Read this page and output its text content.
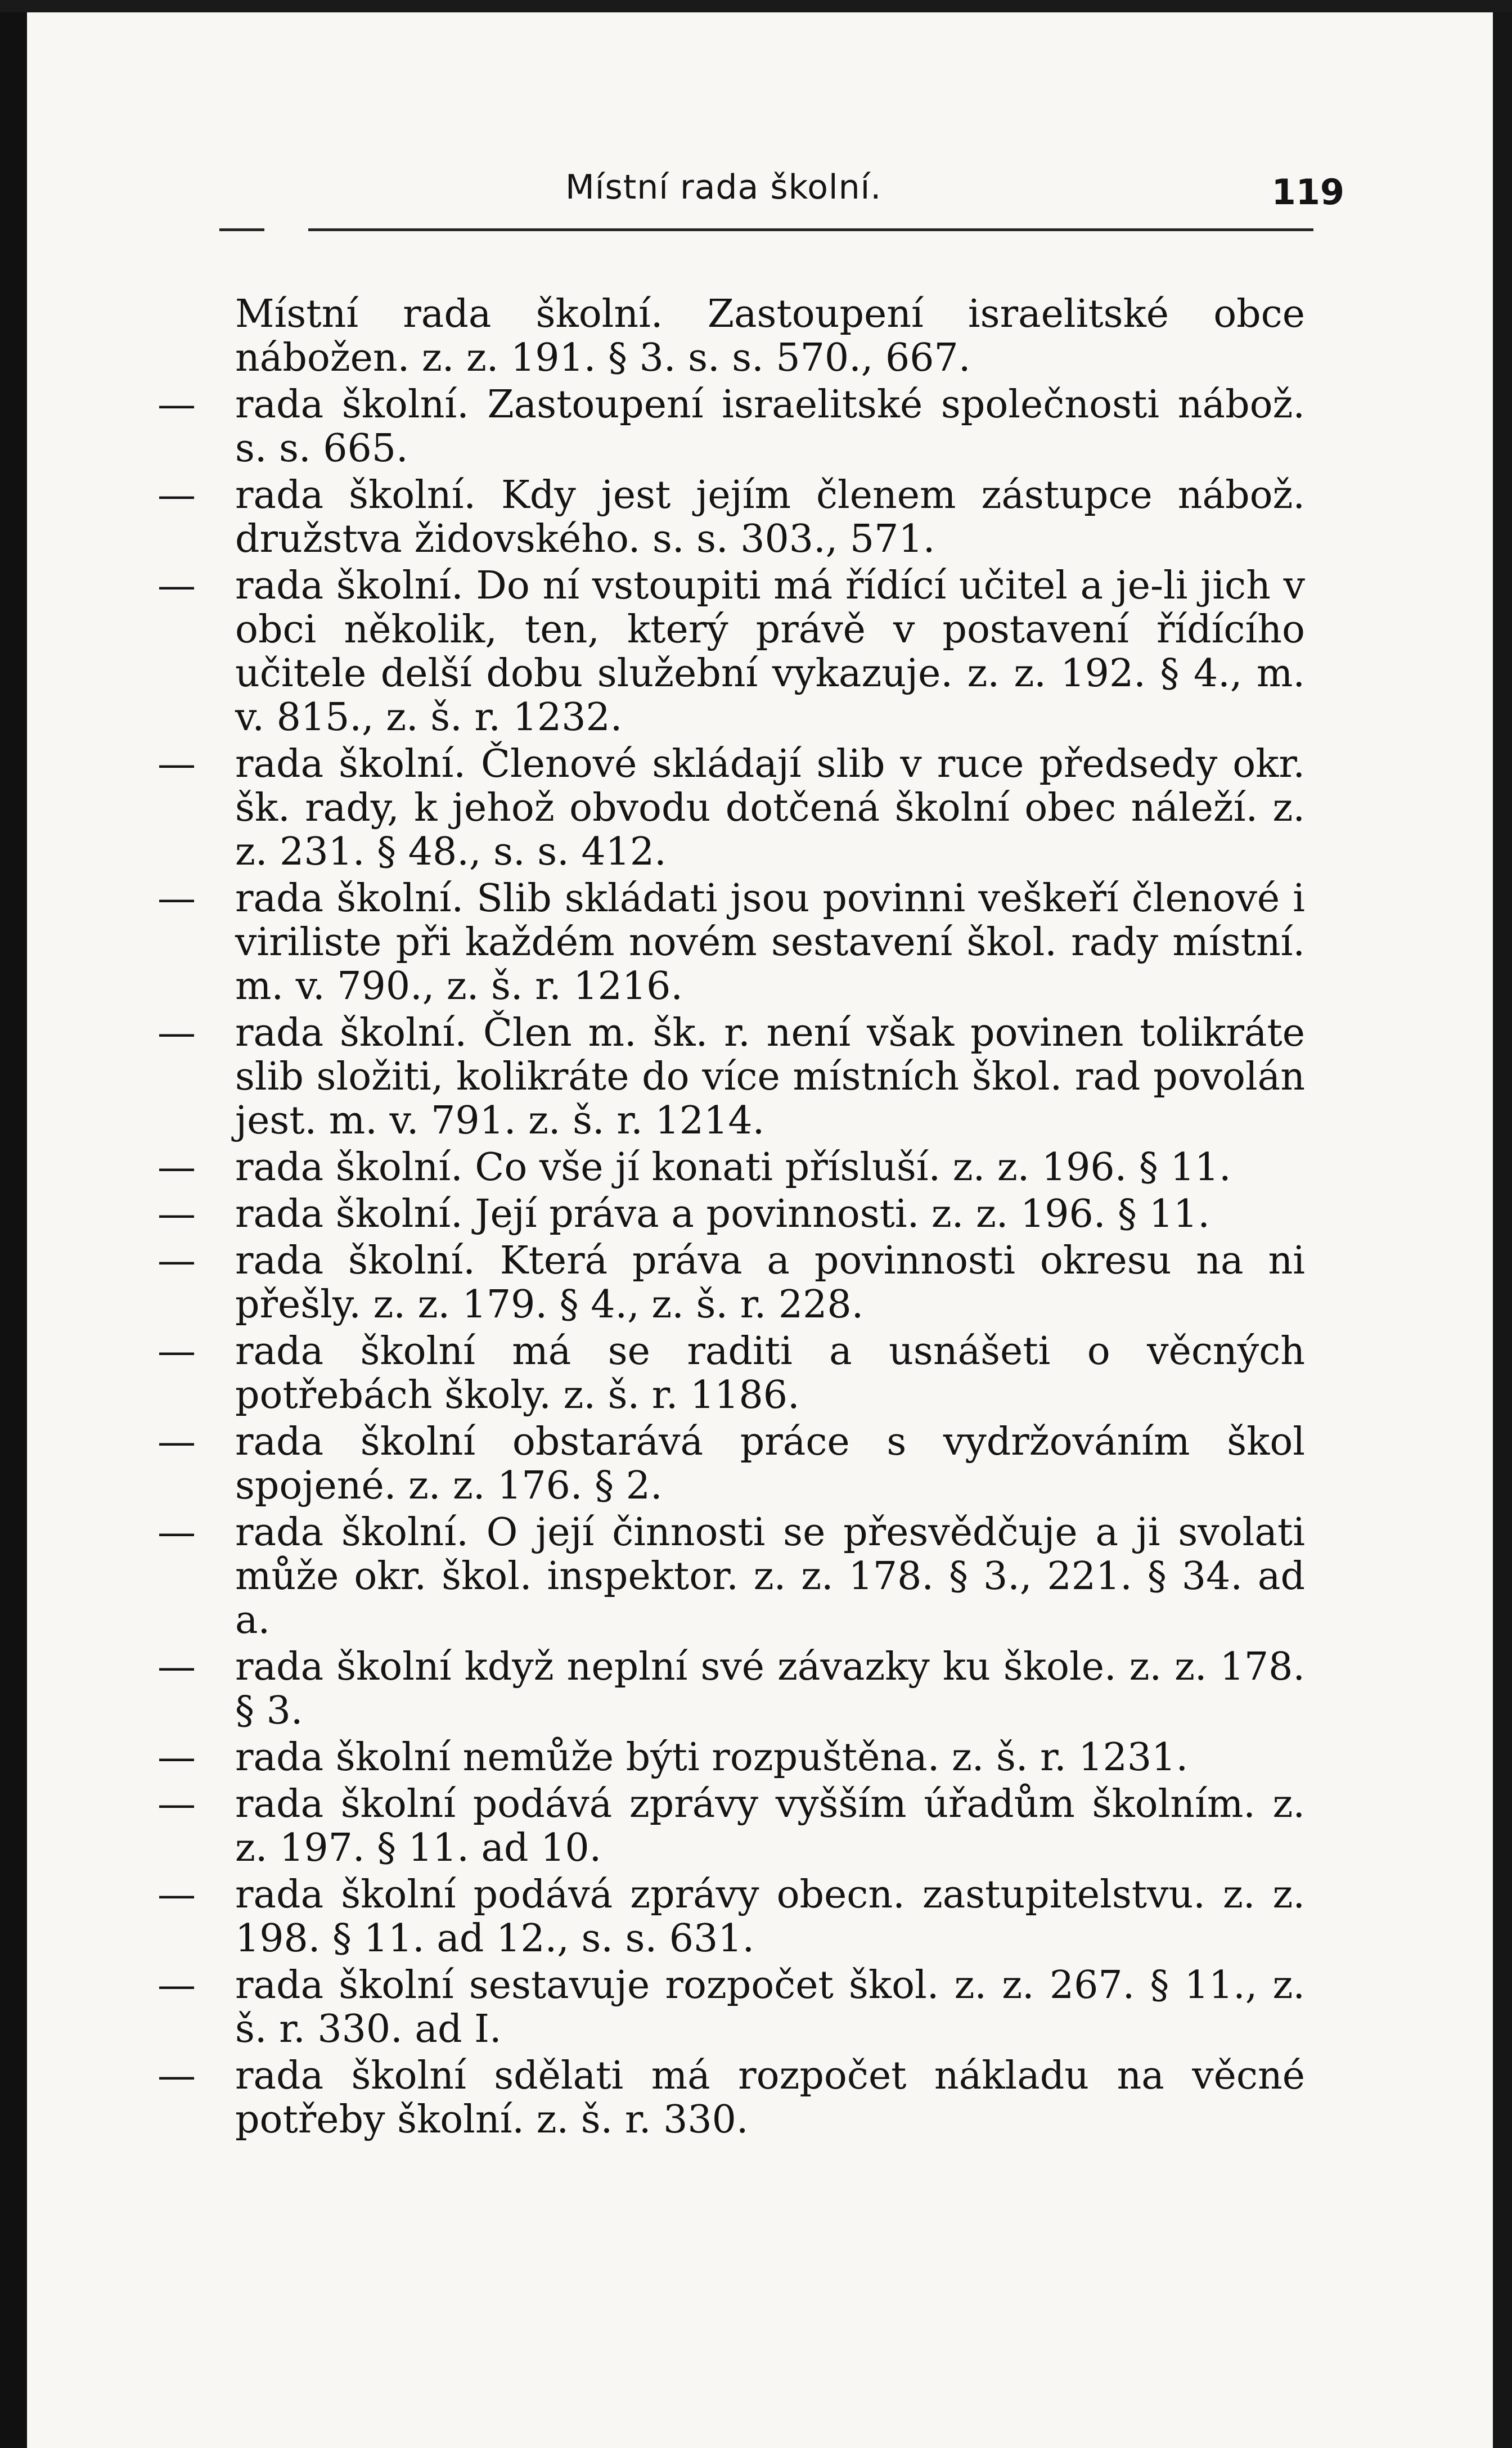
Místní rada školní.	119

Místní rada školní. Zastoupení israelitské obce nábožen. z. z. 191. § 3. s. s. 570., 667.

— rada školní. Zastoupení israelitské společnosti nábož. s. s. 665.

— rada školní. Kdy jest jejím členem zástupce nábož. družstva židovského. s. s. 303., 571.

— rada školní. Do ní vstoupiti má řídící učitel a je-li jich v obci několik, ten, který právě v postavení řídícího učitele delší dobu služební vykazuje. z. z. 192. § 4., m. v. 815., z. š. r. 1232.

— rada školní. Členové skládají slib v ruce předsedy okr. šk. rady, k jehož obvodu dotčená školní obec náleží. z. z. 231. § 48., s. s. 412.

— rada školní. Slib skládati jsou povinni veškeří členové i viriliste při každém novém sestavení škol. rady místní. m. v. 790., z. š. r. 1216.

— rada školní. Člen m. šk. r. není však povinen tolikráte slib složiti, kolikráte do více místních škol. rad povolán jest. m. v. 791. z. š. r. 1214.

— rada školní. Co vše jí konati přísluší. z. z. 196. § 11.

— rada školní. Její práva a povinnosti. z. z. 196. § 11.

— rada školní. Která práva a povinnosti okresu na ni přešly. z. z. 179. § 4., z. š. r. 228.

— rada školní má se raditi a usnášeti o věcných potřebách školy. z. š. r. 1186.

— rada školní obstarává práce s vydržováním škol spojené. z. z. 176. § 2.

— rada školní. O její činnosti se přesvědčuje a ji svolati může okr. škol. inspektor. z. z. 178. § 3., 221. § 34. ad a.

— rada školní když neplní své závazky ku škole. z. z. 178. § 3.

— rada školní nemůže býti rozpuštěna. z. š. r. 1231.

— rada školní podává zprávy vyšším úřadům školním. z. z. 197. § 11. ad 10.

— rada školní podává zprávy obecn. zastupitelstvu. z. z. 198. § 11. ad 12., s. s. 631.

— rada školní sestavuje rozpočet škol. z. z. 267. § 11., z. š. r. 330. ad I.

— rada školní sdělati má rozpočet nákladu na věcné potřeby školní. z. š. r. 330.
